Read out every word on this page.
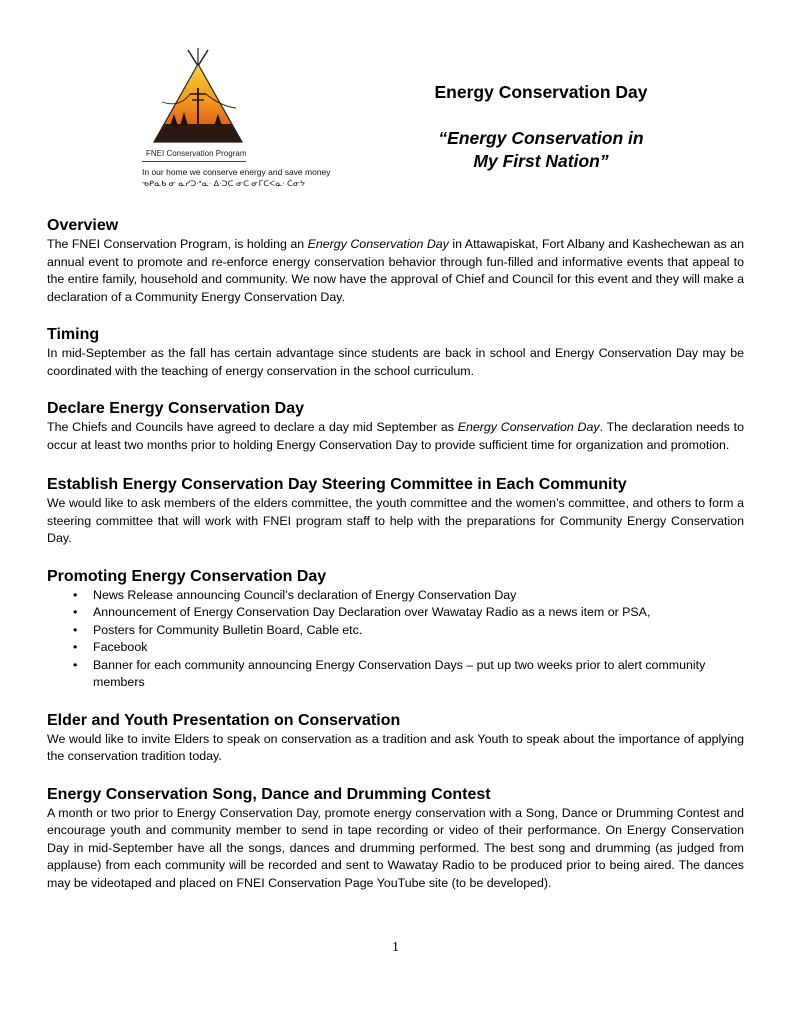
FNEI Conservation Program
In our home we conserve energy and save money
ᓀᑭᓇᑲ ᓂ ᓇᓯᑐᐧᐤᓇᐧ ᐃᐧᑐᑕ ᓂᑕ ᓂᒥᑕᐸᓇᐧ ᑖᓂᔭ

Energy Conservation Day

“Energy Conservation in
My First Nation”

Overview

The FNEI Conservation Program, is holding an Energy Conservation Day in Attawapiskat, Fort Albany and Kashechewan as an annual event to promote and re-enforce energy conservation behavior through fun-filled and informative events that appeal to the entire family, household and community. We now have the approval of Chief and Council for this event and they will make a declaration of a Community Energy Conservation Day.

Timing

In mid-September as the fall has certain advantage since students are back in school and Energy Conservation Day may be coordinated with the teaching of energy conservation in the school curriculum.

Declare Energy Conservation Day

The Chiefs and Councils have agreed to declare a day mid September as Energy Conservation Day. The declaration needs to occur at least two months prior to holding Energy Conservation Day to provide sufficient time for organization and promotion.

Establish Energy Conservation Day Steering Committee in Each Community

We would like to ask members of the elders committee, the youth committee and the women’s committee, and others to form a steering committee that will work with FNEI program staff to help with the preparations for Community Energy Conservation Day.

Promoting Energy Conservation Day
• News Release announcing Council’s declaration of Energy Conservation Day
• Announcement of Energy Conservation Day Declaration over Wawatay Radio as a news item or PSA,
• Posters for Community Bulletin Board, Cable etc.
• Facebook
• Banner for each community announcing Energy Conservation Days – put up two weeks prior to alert community members
Elder and Youth Presentation on Conservation

We would like to invite Elders to speak on conservation as a tradition and ask Youth to speak about the importance of applying the conservation tradition today.

Energy Conservation Song, Dance and Drumming Contest

A month or two prior to Energy Conservation Day, promote energy conservation with a Song, Dance or Drumming Contest and encourage youth and community member to send in tape recording or video of their performance. On Energy Conservation Day in mid-September have all the songs, dances and drumming performed. The best song and drumming (as judged from applause) from each community will be recorded and sent to Wawatay Radio to be produced prior to being aired. The dances may be videotaped and placed on FNEI Conservation Page YouTube site (to be developed).

1
